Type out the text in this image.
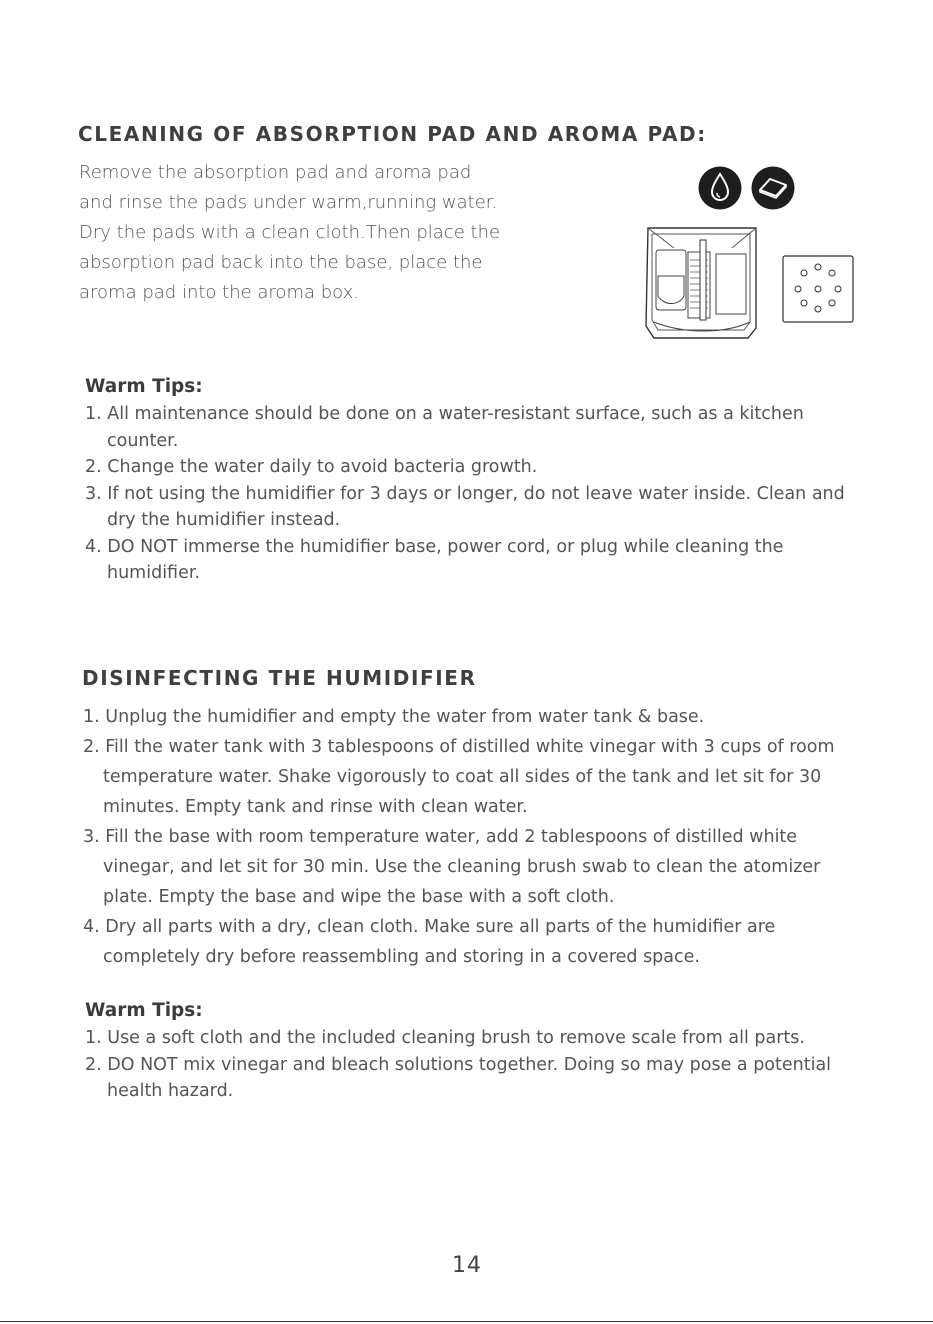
CLEANING OF ABSORPTION PAD AND AROMA PAD:
Remove the absorption pad and aroma pad
and rinse the pads under warm,running water.
Dry the pads with a clean cloth.Then place the
absorption pad back into the base, place the
aroma pad into the aroma box.
Warm Tips:
1. All maintenance should be done on a water-resistant surface, such as a kitchen
counter.
2. Change the water daily to avoid bacteria growth.
3. If not using the humidifier for 3 days or longer, do not leave water inside. Clean and
dry the humidifier instead.
4. DO NOT immerse the humidifier base, power cord, or plug while cleaning the
humidifier.
DISINFECTING THE HUMIDIFIER
1. Unplug the humidifier and empty the water from water tank & base.
2. Fill the water tank with 3 tablespoons of distilled white vinegar with 3 cups of room
temperature water. Shake vigorously to coat all sides of the tank and let sit for 30
minutes. Empty tank and rinse with clean water.
3. Fill the base with room temperature water, add 2 tablespoons of distilled white
vinegar, and let sit for 30 min. Use the cleaning brush swab to clean the atomizer
plate. Empty the base and wipe the base with a soft cloth.
4. Dry all parts with a dry, clean cloth. Make sure all parts of the humidifier are
completely dry before reassembling and storing in a covered space.
Warm Tips:
1. Use a soft cloth and the included cleaning brush to remove scale from all parts.
2. DO NOT mix vinegar and bleach solutions together. Doing so may pose a potential
health hazard.
14
